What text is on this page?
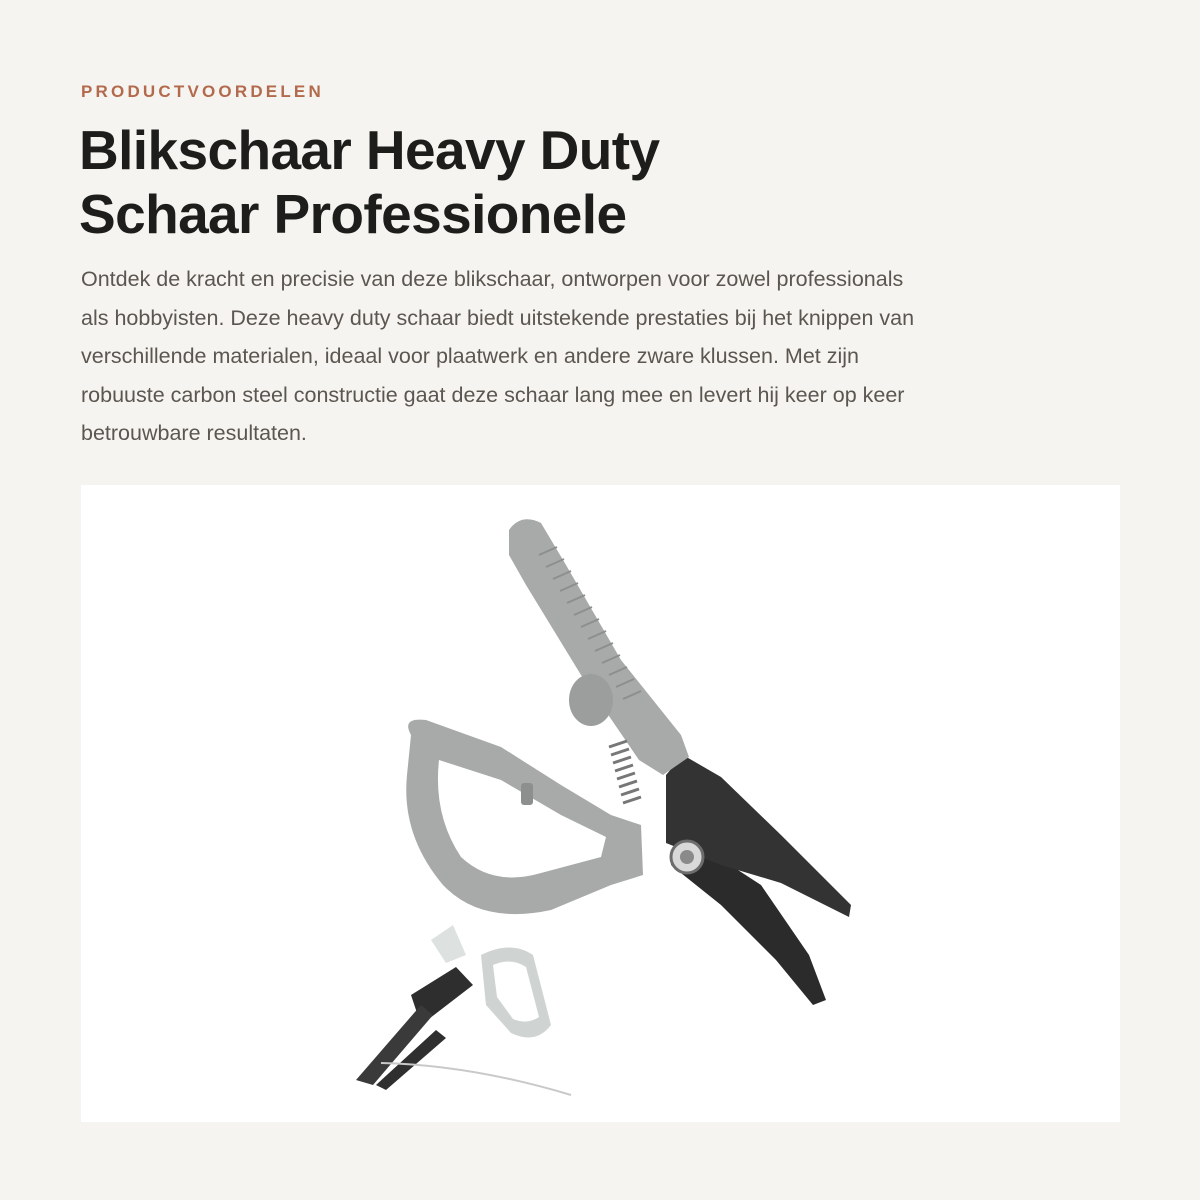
PRODUCTVOORDELEN
Blikschaar Heavy Duty
Schaar Professionele

Ontdek de kracht en precisie van deze blikschaar, ontworpen voor zowel professionals
als hobbyisten. Deze heavy duty schaar biedt uitstekende prestaties bij het knippen van
verschillende materialen, ideaal voor plaatwerk en andere zware klussen. Met zijn
robuuste carbon steel constructie gaat deze schaar lang mee en levert hij keer op keer
betrouwbare resultaten.
